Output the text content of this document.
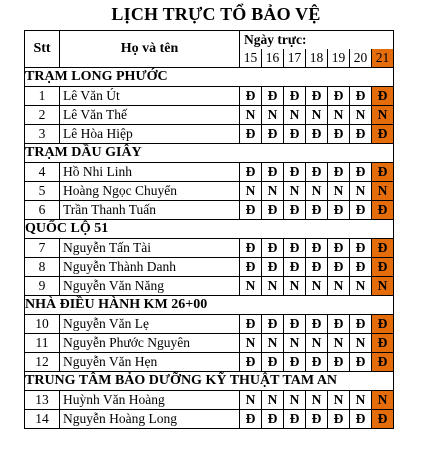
LỊCH TRỰC TỔ BẢO VỆ
Stt	Họ và tên	Ngày trực:						
		15	16	17	18	19	20	21
TRẠM LONG PHƯỚC								
1	Lê Văn Út	Đ	Đ	Đ	Đ	Đ	Đ	Đ
2	Lê Văn Thế	N	N	N	N	N	N	N
3	Lê Hòa Hiệp	Đ	Đ	Đ	Đ	Đ	Đ	Đ
TRẠM DẦU GIÂY								
4	Hồ Nhi Linh	Đ	Đ	Đ	Đ	Đ	Đ	Đ
5	Hoàng Ngọc Chuyển	N	N	N	N	N	N	N
6	Trần Thanh Tuấn	Đ	Đ	Đ	Đ	Đ	Đ	Đ
QUỐC LỘ 51								
7	Nguyễn Tấn Tài	Đ	Đ	Đ	Đ	Đ	Đ	Đ
8	Nguyễn Thành Danh	Đ	Đ	Đ	Đ	Đ	Đ	Đ
9	Nguyễn Văn Năng	N	N	N	N	N	N	N
NHÀ ĐIỀU HÀNH KM 26+00								
10	Nguyễn Văn Lẹ	Đ	Đ	Đ	Đ	Đ	Đ	Đ
11	Nguyễn Phước Nguyên	N	N	N	N	N	N	Đ
12	Nguyễn Văn Hẹn	Đ	Đ	Đ	Đ	Đ	Đ	Đ
TRUNG TÂM BẢO DƯỠNG KỸ THUẬT TAM AN								
13	Huỳnh Văn Hoàng	N	N	N	N	N	N	N
14	Nguyễn Hoàng Long	Đ	Đ	Đ	Đ	Đ	Đ	Đ
